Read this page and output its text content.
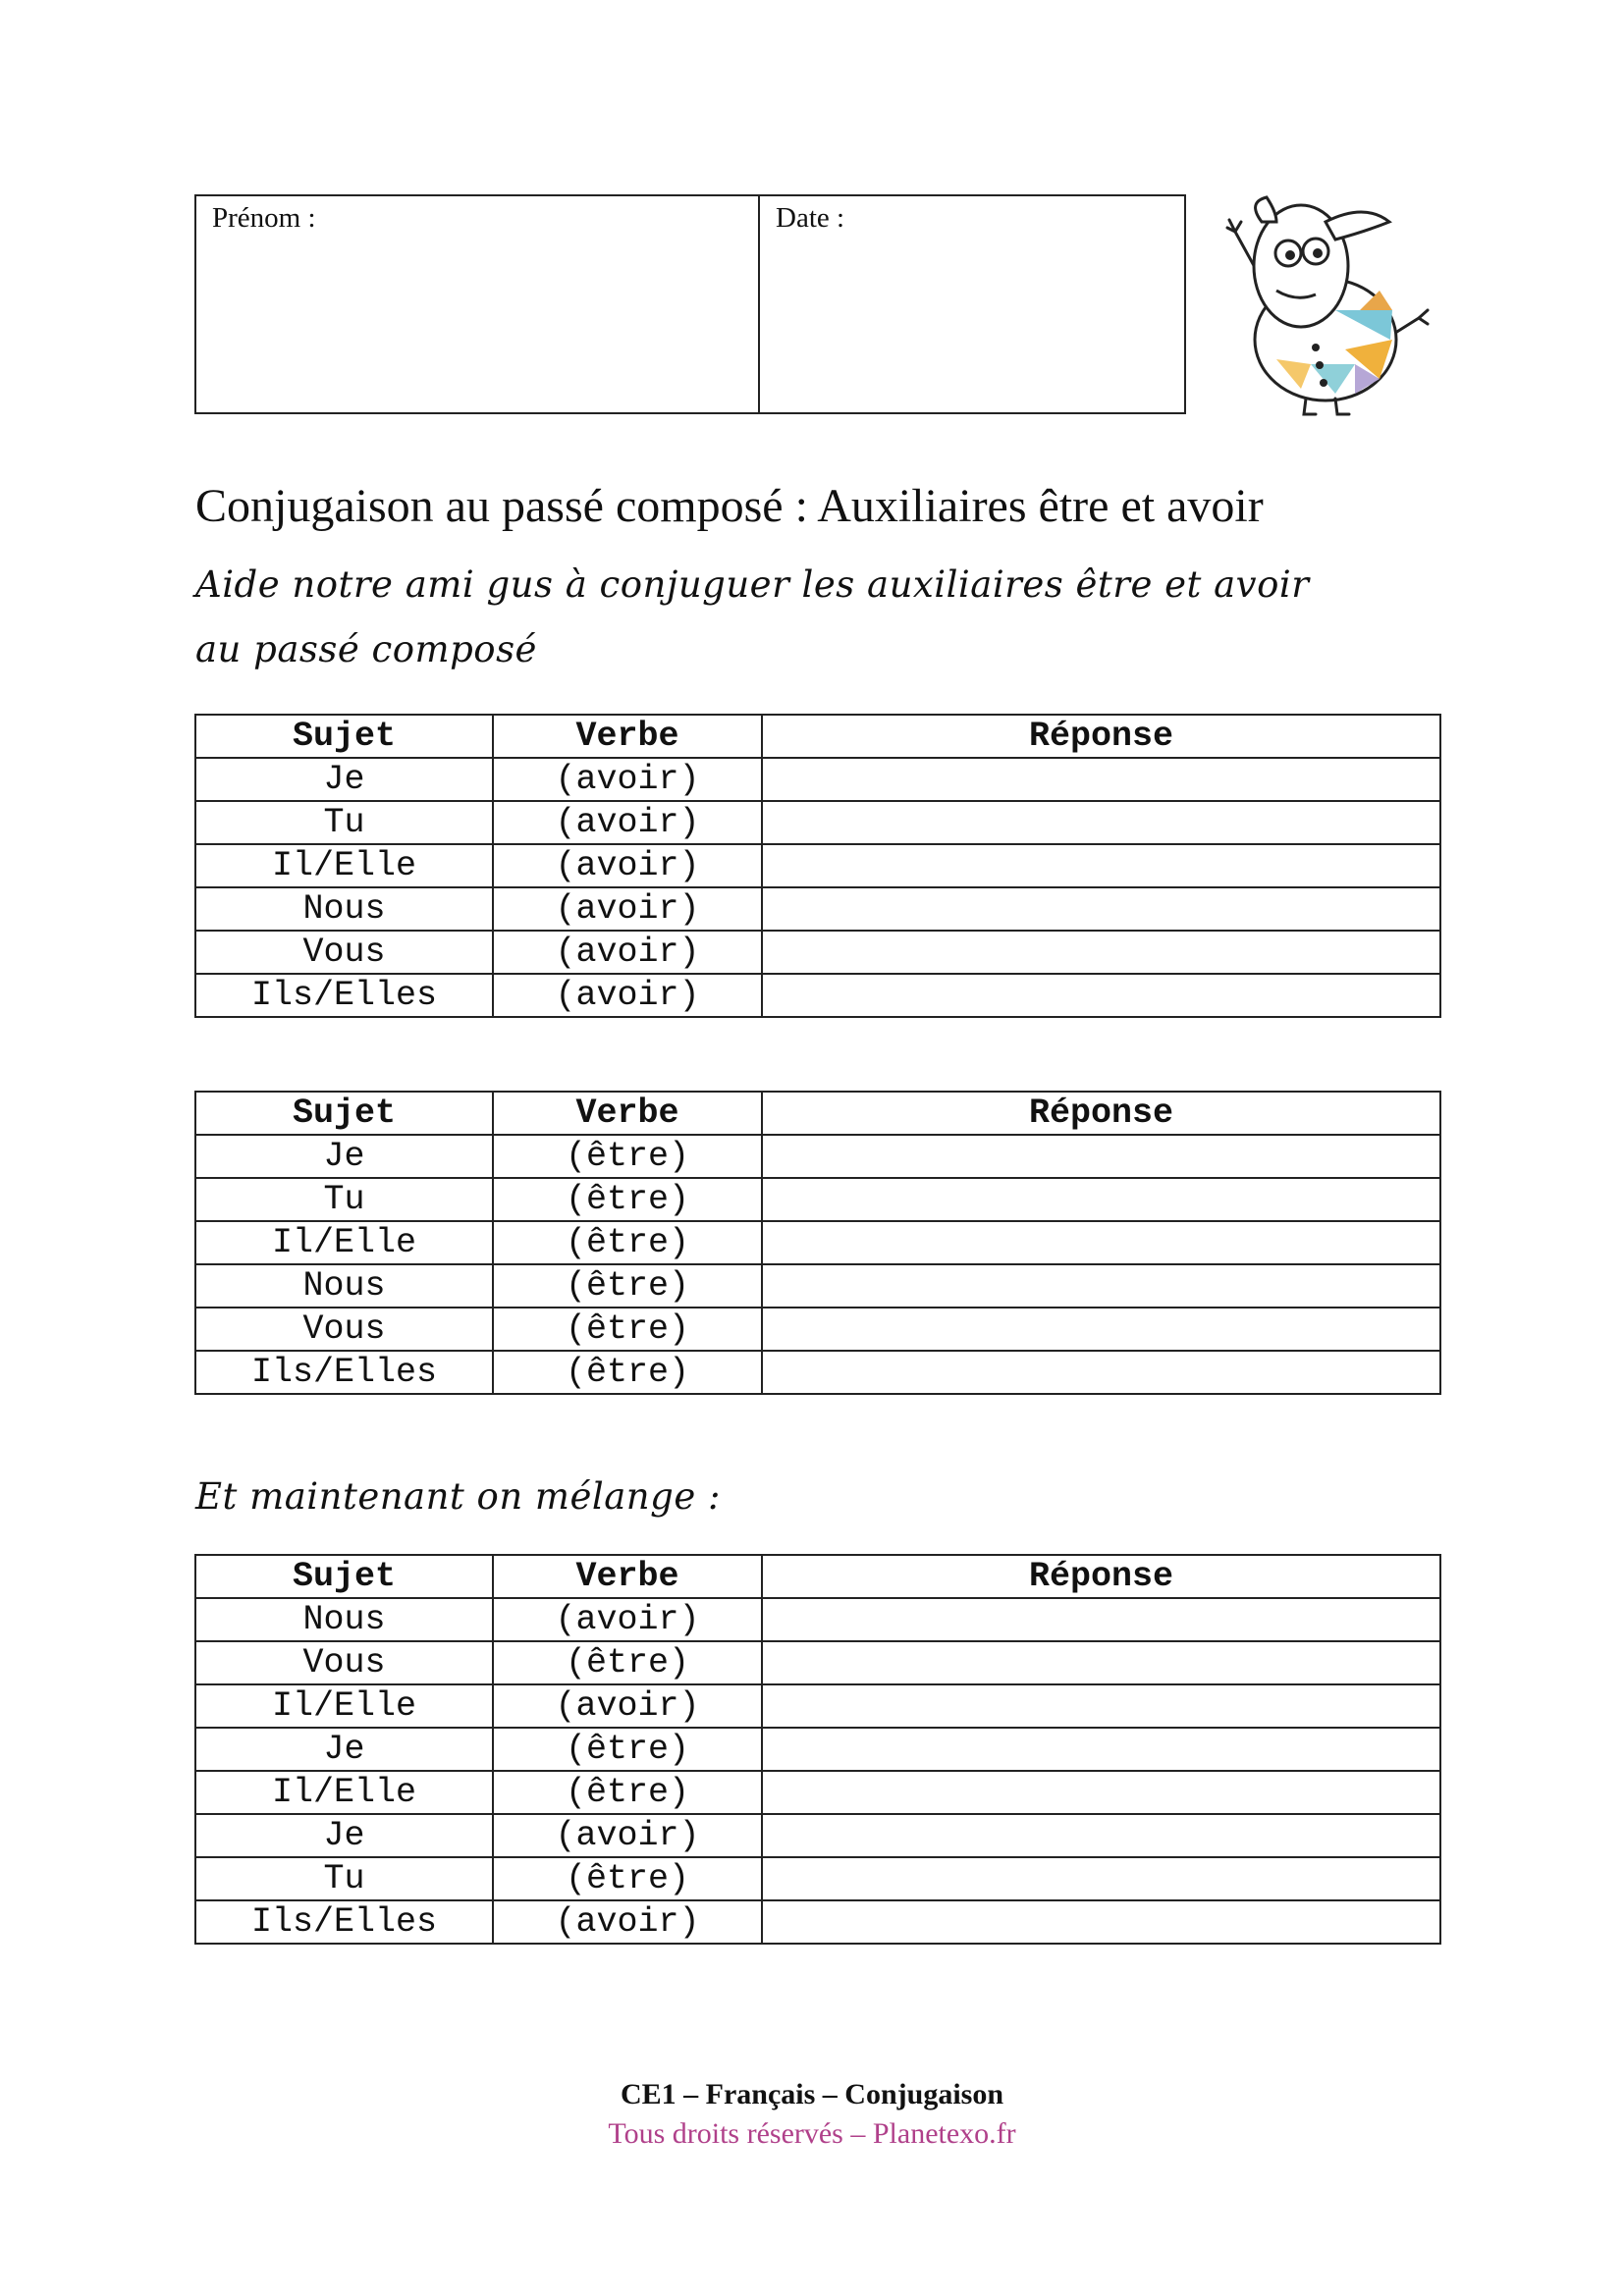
Prénom :	Date :
Conjugaison au passé composé : Auxiliaires être et avoir
Aide notre ami gus à conjuguer les auxiliaires être et avoir
au passé composé
Sujet	Verbe	Réponse
Je	(avoir)	
Tu	(avoir)	
Il/Elle	(avoir)	
Nous	(avoir)	
Vous	(avoir)	
Ils/Elles	(avoir)	
Sujet	Verbe	Réponse
Je	(être)	
Tu	(être)	
Il/Elle	(être)	
Nous	(être)	
Vous	(être)	
Ils/Elles	(être)	
Et maintenant on mélange :
Sujet	Verbe	Réponse
Nous	(avoir)	
Vous	(être)	
Il/Elle	(avoir)	
Je	(être)	
Il/Elle	(être)	
Je	(avoir)	
Tu	(être)	
Ils/Elles	(avoir)	
CE1 – Français – Conjugaison
Tous droits réservés – Planetexo.fr
